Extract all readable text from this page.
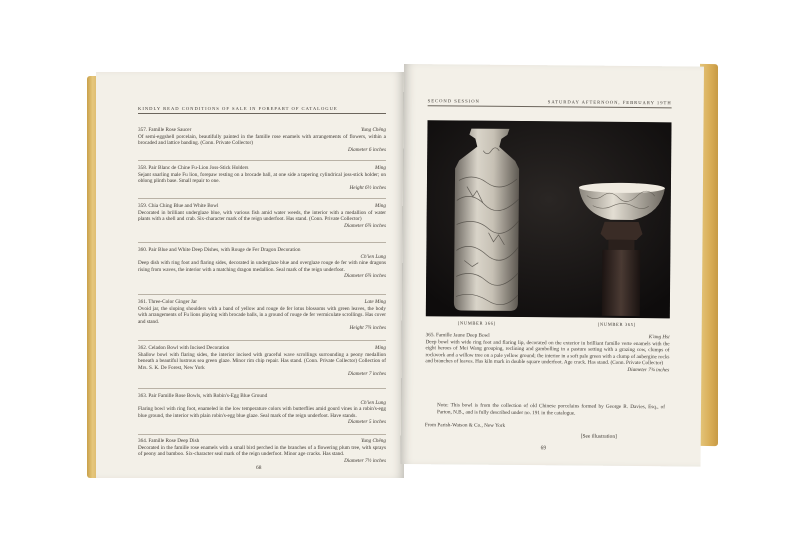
KINDLY READ CONDITIONS OF SALE IN FOREPART OF CATALOGUE
357. Famille Rose Saucer	Yung Chêng
Of semi-eggshell porcelain, beautifully painted in the famille rose enamels with arrangements of flowers, within a brocaded and lattice banding. (Conn. Private Collector)
Diameter 6 inches
358. Pair Blanc de Chine Fu-Lion Joss-Stick Holders	Ming
Sejant snarling male Fu lion, forepaw resting on a brocade ball, at one side a tapering cylindrical joss-stick holder; on oblong plinth base. Small repair to one.
Height 6½ inches
359. Chia Ching Blue and White Bowl	Ming
Decorated in brilliant underglaze blue, with various fish amid water weeds, the interior with a medallion of water plants with a shell and crab. Six-character mark of the reign underfoot. Has stand. (Conn. Private Collector)
Diameter 6¾ inches
360. Pair Blue and White Deep Dishes, with Rouge de Fer Dragon Decoration
Ch'ien Lung
Deep dish with ring foot and flaring sides, decorated in underglaze blue and overglaze rouge de fer with nine dragons rising from waves, the interior with a matching dragon medallion. Seal mark of the reign underfoot.
Diameter 6¾ inches
361. Three-Color Ginger Jar	Late Ming
Ovoid jar, the sloping shoulders with a band of yellow and rouge de fer lotus blossoms with green leaves, the body with arrangements of Fu lions playing with brocade balls, in a ground of rouge de fer vermiculate scrollings. Has cover and stand.
Height 7¾ inches
362. Celadon Bowl with Incised Decoration	Ming
Shallow bowl with flaring sides, the interior incised with graceful wave scrollings surrounding a peony medallion beneath a beautiful lustrous sea green glaze. Minor rim chip repair. Has stand. (Conn. Private Collector) Collection of Mrs. S. K. De Forest, New York
Diameter 7 inches
363. Pair Famille Rose Bowls, with Robin's-Egg Blue Ground
Ch'ien Lung
Flaring bowl with ring foot, enameled in the low temperature colors with butterflies amid gourd vines in a robin's-egg blue ground, the interior with plain robin's-egg blue glaze. Seal mark of the reign underfoot. Have stands.
Diameter 5 inches
364. Famille Rose Deep Dish	Yung Chêng
Decorated in the famille rose enamels with a small bird perched in the branches of a flowering plum tree, with sprays of peony and bamboo. Six-character seal mark of the reign underfoot. Minor age cracks. Has stand.
Diameter 7½ inches
68
SECOND SESSION	SATURDAY AFTERNOON, FEBRUARY 19TH
[NUMBER 366]	[NUMBER 365]
365. Famille Jaune Deep Bowl	K'ang Hsi
Deep bowl with wide ring foot and flaring lip, decorated on the exterior in brilliant famille verte enamels with the eight heroes of Mei Wang grouping, reclining and gambolling in a pasture setting with a grazing cow, clumps of rockwork and a willow tree on a pale yellow ground; the interior in a soft pale green with a clump of aubergine rocks and branches of leaves. Has kiln mark in double square underfoot. Age crack. Has stand. (Conn. Private Collector)
Diameter 7¾ inches
Note: This bowl is from the collection of old Chinese porcelains formed by George R. Davies, Esq., of Parton, N.B., and is fully described under no. 191 in the catalogue.
From Parish-Watson & Co., New York
[See illustration]
69
